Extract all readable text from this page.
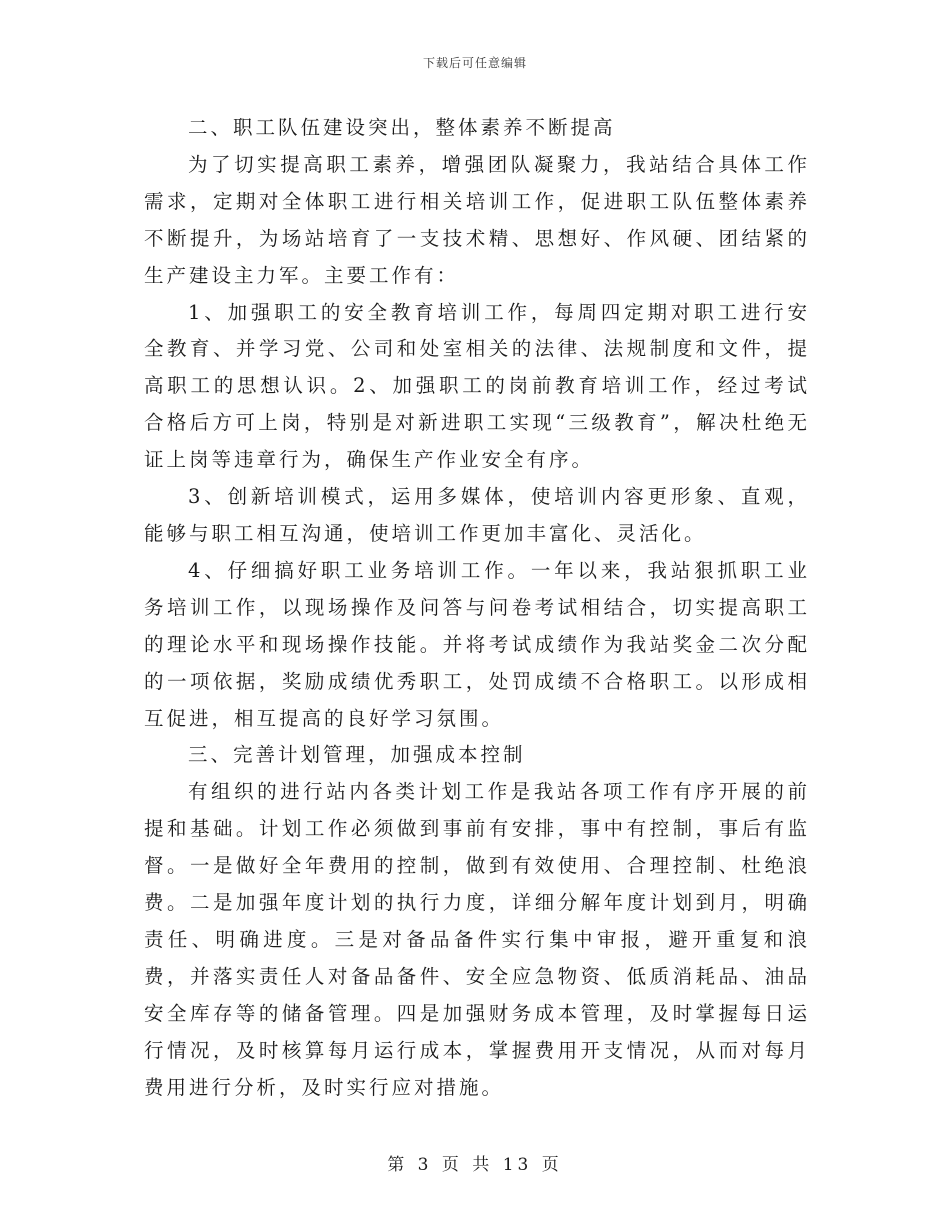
下载后可任意编辑

二、职工队伍建设突出，整体素养不断提高

为了切实提高职工素养，增强团队凝聚力，我站结合具体工作需求，定期对全体职工进行相关培训工作，促进职工队伍整体素养不断提升，为场站培育了一支技术精、思想好、作风硬、团结紧的生产建设主力军。主要工作有：

1、加强职工的安全教育培训工作，每周四定期对职工进行安全教育、并学习党、公司和处室相关的法律、法规制度和文件，提高职工的思想认识。2、加强职工的岗前教育培训工作，经过考试合格后方可上岗，特别是对新进职工实现“三级教育”，解决杜绝无证上岗等违章行为，确保生产作业安全有序。

3、创新培训模式，运用多媒体，使培训内容更形象、直观，能够与职工相互沟通，使培训工作更加丰富化、灵活化。

4、仔细搞好职工业务培训工作。一年以来，我站狠抓职工业务培训工作，以现场操作及问答与问卷考试相结合，切实提高职工的理论水平和现场操作技能。并将考试成绩作为我站奖金二次分配的一项依据，奖励成绩优秀职工，处罚成绩不合格职工。以形成相互促进，相互提高的良好学习氛围。

三、完善计划管理，加强成本控制

有组织的进行站内各类计划工作是我站各项工作有序开展的前提和基础。计划工作必须做到事前有安排，事中有控制，事后有监督。一是做好全年费用的控制，做到有效使用、合理控制、杜绝浪费。二是加强年度计划的执行力度，详细分解年度计划到月，明确责任、明确进度。三是对备品备件实行集中审报，避开重复和浪费，并落实责任人对备品备件、安全应急物资、低质消耗品、油品安全库存等的储备管理。四是加强财务成本管理，及时掌握每日运行情况，及时核算每月运行成本，掌握费用开支情况，从而对每月费用进行分析，及时实行应对措施。

第 3 页 共 13 页
